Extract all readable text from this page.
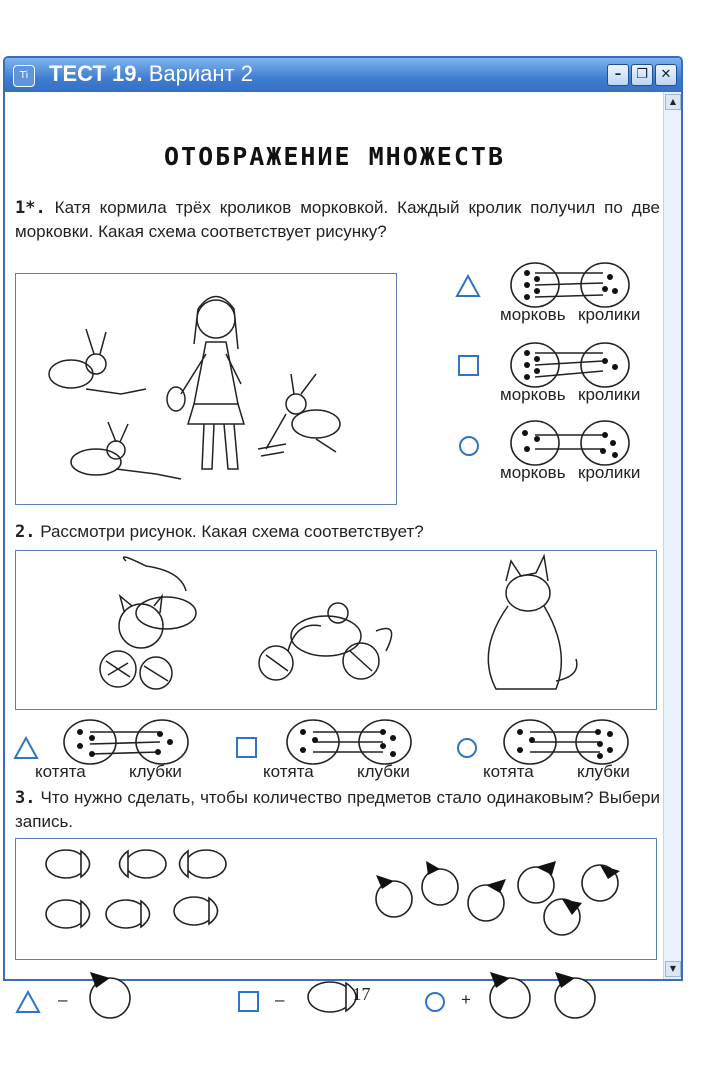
Ti ТЕСТ 19. Вариант 2	–	❐ ✕
▲
▼
ОТОБРАЖЕНИЕ МНОЖЕСТВ
1*. Катя кормила трёх кроликов морковкой. Каждый кролик получил по две морковки. Какая схема соответствует рисунку?
морковь кролики
морковь кролики
морковь кролики
2. Рассмотри рисунок. Какая схема соответствует?
котята	клубки	котята	клубки	котята	клубки
3. Что нужно сделать, чтобы количество предметов стало одинаковым? Выбери запись.
–	–	+
17
